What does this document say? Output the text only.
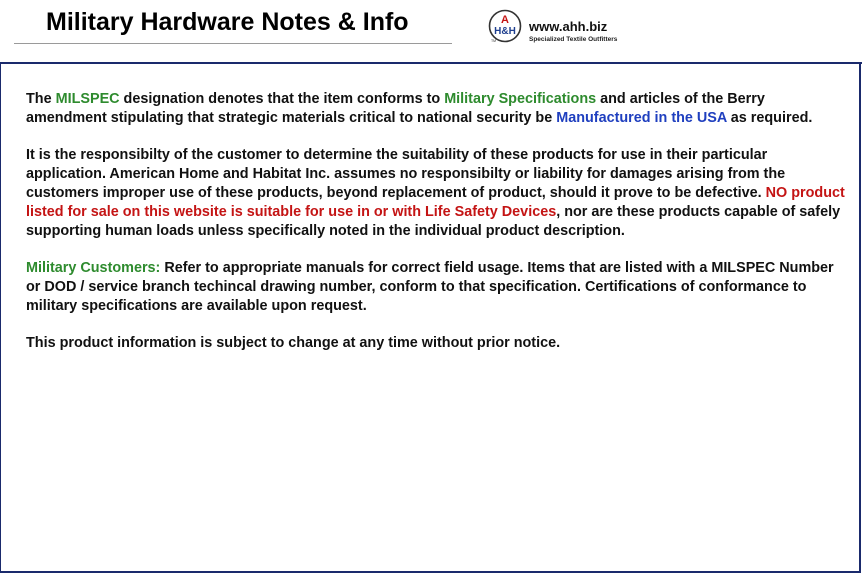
Military Hardware Notes & Info	A
H&H
TM
www.ahh.biz
Specialized Textile Outfitters

The MILSPEC designation denotes that the item conforms to Military Specifications and articles of the Berry amendment stipulating that strategic materials critical to national security be Manufactured in the USA as required.

It is the responsibilty of the customer to determine the suitability of these products for use in their particular application. American Home and Habitat Inc. assumes no responsibilty or liability for damages arising from the customers improper use of these products, beyond replacement of product, should it prove to be defective. NO product listed for sale on this website is suitable for use in or with Life Safety Devices, nor are these products capable of safely supporting human loads unless specifically noted in the individual product description.

Military Customers: Refer to appropriate manuals for correct field usage. Items that are listed with a MILSPEC Number or DOD / service branch techincal drawing number, conform to that specification. Certifications of conformance to military specifications are available upon request.

This product information is subject to change at any time without prior notice.
